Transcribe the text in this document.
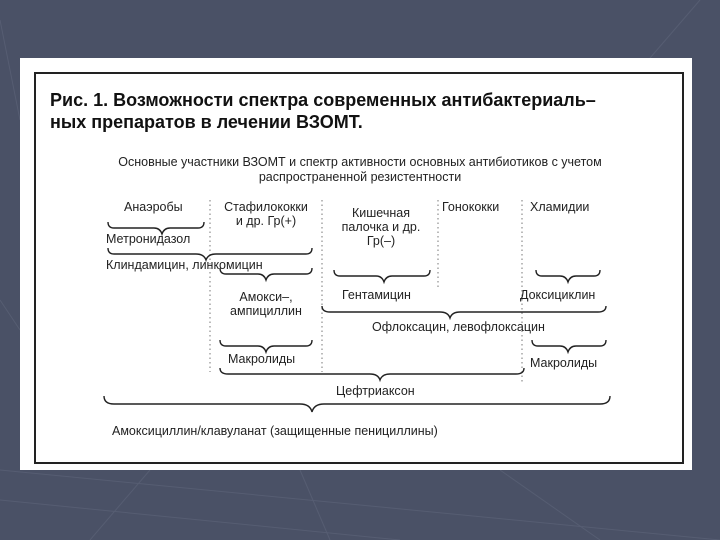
Рис. 1. Возможности спектра современных антибактериаль–
ных препаратов в лечении ВЗОМТ.
Основные участники ВЗОМТ и спектр активности основных антибиотиков с учетом
распространенной резистентности
Анаэробы	Стафилококки
и др. Гр(+)
Кишечная
палочка и др.
Гр(–)
Гонококки Хламидии
Метронидазол
Клиндамицин, линкомицин
Амокси–,
ампициллин
Гентамицин	Доксициклин
Офлоксацин, левофлоксацин
Макролиды	Макролиды
Цефтриаксон
Амоксициллин/клавуланат (защищенные пенициллины)
